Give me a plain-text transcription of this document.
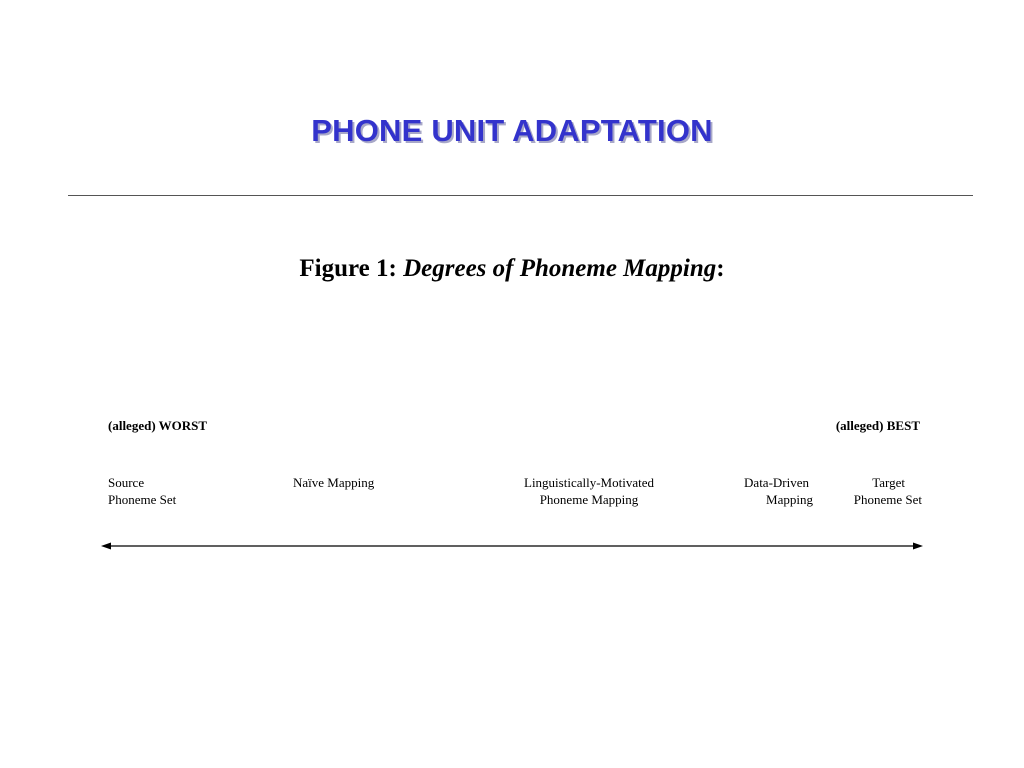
PHONE UNIT ADAPTATION
Figure 1: Degrees of Phoneme Mapping:
(alleged) WORST	(alleged) BEST
Source
Phoneme Set
Naïve Mapping	Linguistically-Motivated
Phoneme Mapping
Data-Driven
Mapping
Target
Phoneme Set
